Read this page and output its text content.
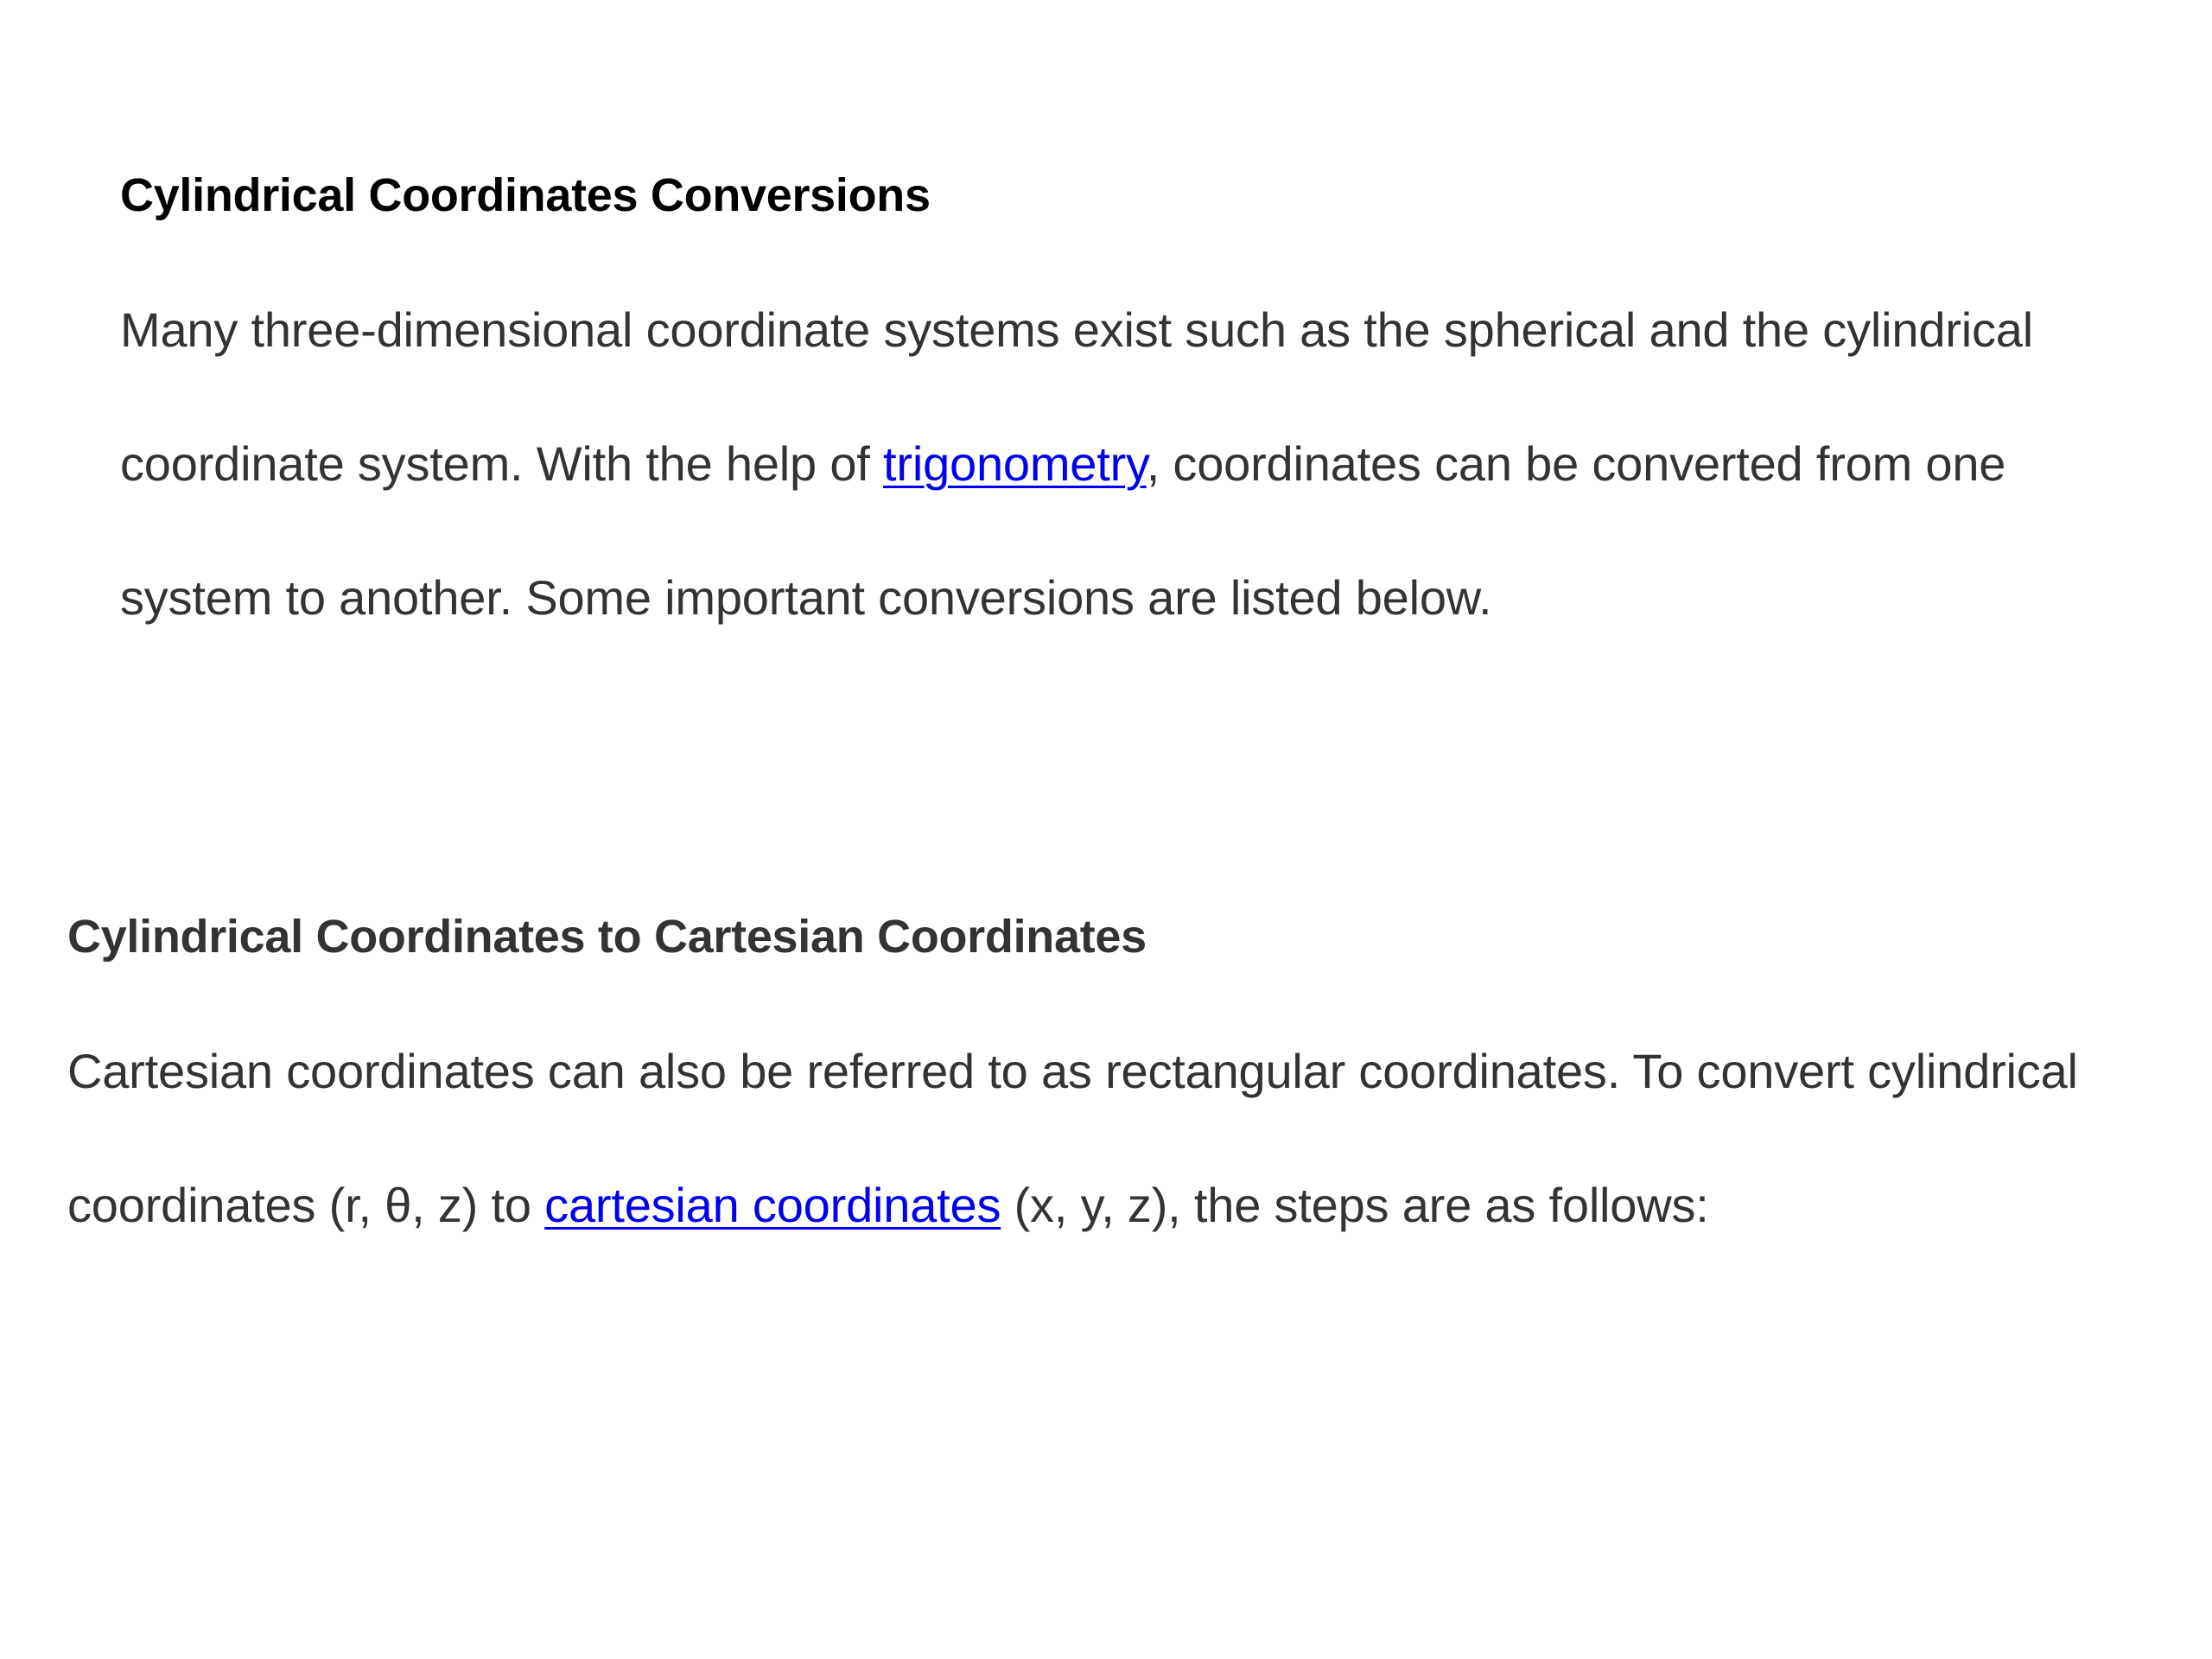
Cylindrical Coordinates Conversions

Many three-dimensional coordinate systems exist such as the spherical and the cylindrical coordinate system. With the help of trigonometry, coordinates can be converted from one system to another. Some important conversions are listed below.

Cylindrical Coordinates to Cartesian Coordinates

Cartesian coordinates can also be referred to as rectangular coordinates. To convert cylindrical coordinates (r, θ, z) to cartesian coordinates (x, y, z), the steps are as follows:
